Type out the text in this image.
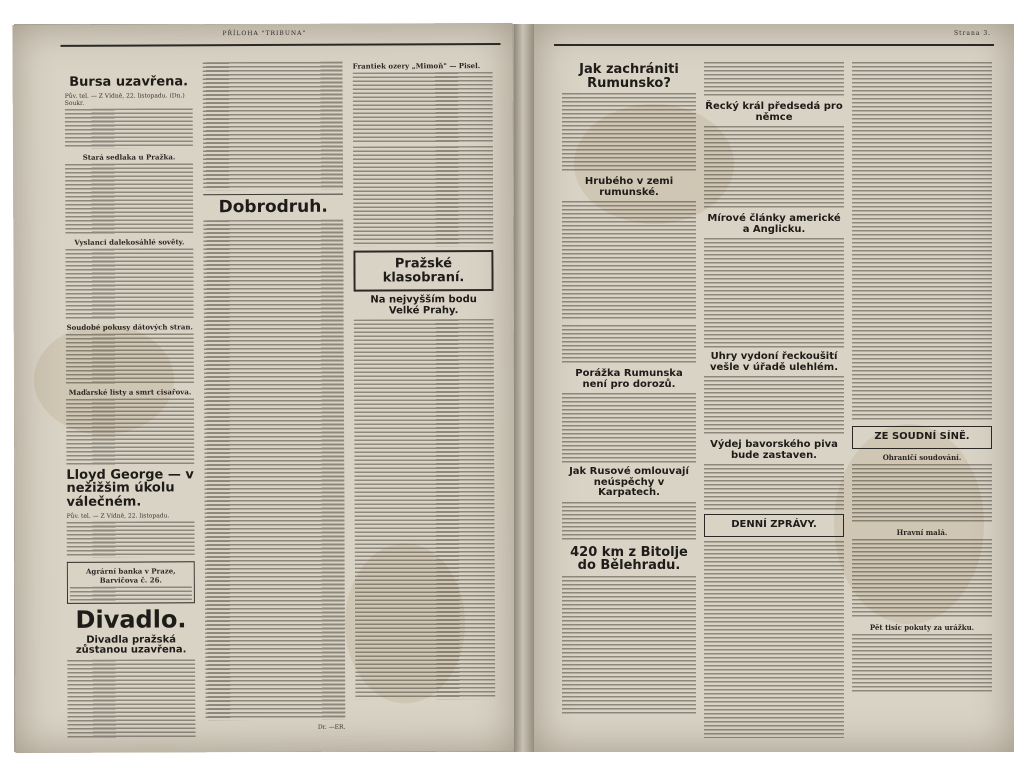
PŘÍLOHA "TRIBUNA"
Bursa uzavřena.
Pův. tel. — Z Vídně, 22. listopadu. (Dn.) Soukr.
Stará sedlaka u Pražka.
Vyslanci dalekosáhlé sověty.
Soudobé pokusy dátových stran.
Maďarské listy a smrt cisařova.
Lloyd George — v nežižšim úkolu válečném.
Pův. tel. — Z Vídně, 22. listopadu.
Agrární banka v Praze, Barvičova č. 26.
Divadlo.
Divadla pražská zůstanou uzavřena.
Dobrodruh.
Dr. —ER.
Frantiek ozery „Mimoň" — Pisel.
Pražské klasobraní.
Na nejvyšším bodu Velké Prahy.
Strana 3.
Jak zachrániti Rumunsko?
Hrubého v zemi rumunské.
Porážka Rumunska není pro dorozů.
Jak Rusové omlouvají neúspěchy v Karpatech.
420 km z Bitolje do Bělehradu.
Řecký král předsedá pro němce
Mírové články americké a Anglicku.
Uhry vydoní řeckoušití vešle v úřadě ulehlém.
Výdej bavorského piva bude zastaven.
DENNÍ ZPRÁVY.
ZE SOUDNÍ SÍNĚ.
Ohraničí soudování.
Hravní malá.
Pět tisíc pokuty za urážku.
